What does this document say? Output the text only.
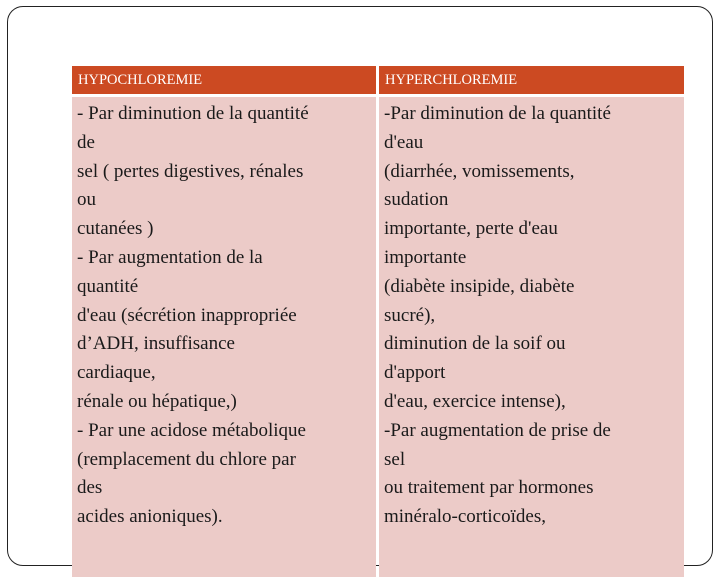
HYPOCHLOREMIE	HYPERCHLOREMIE
- Par diminution de la quantité
de
sel ( pertes digestives, rénales
ou
cutanées )
- Par augmentation de la
quantité
d'eau (sécrétion inappropriée
d’ADH, insuffisance
cardiaque,
rénale ou hépatique,)
- Par une acidose métabolique
(remplacement du chlore par
des
acides anioniques).
-Par diminution de la quantité
d'eau
(diarrhée, vomissements,
sudation
importante, perte d'eau
importante
(diabète insipide, diabète
sucré),
diminution de la soif ou
d'apport
d'eau, exercice intense),
-Par augmentation de prise de
sel
ou traitement par hormones
minéralo-corticoïdes,
